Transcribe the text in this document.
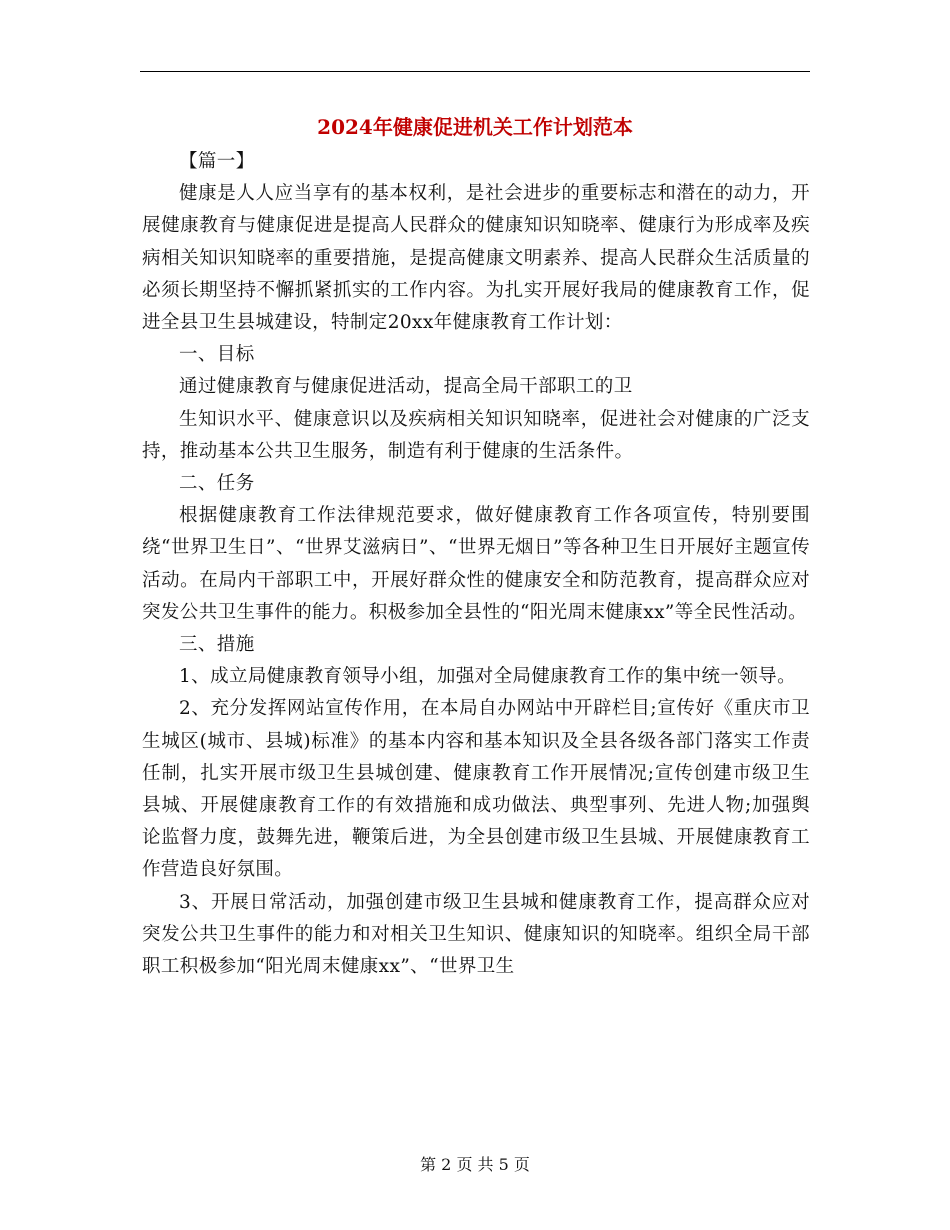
2024年健康促进机关工作计划范本

【篇一】

健康是人人应当享有的基本权利，是社会进步的重要标志和潜在的动力，开展健康教育与健康促进是提高人民群众的健康知识知晓率、健康行为形成率及疾病相关知识知晓率的重要措施，是提高健康文明素养、提高人民群众生活质量的必须长期坚持不懈抓紧抓实的工作内容。为扎实开展好我局的健康教育工作，促进全县卫生县城建设，特制定20xx年健康教育工作计划：

一、目标

通过健康教育与健康促进活动，提高全局干部职工的卫

生知识水平、健康意识以及疾病相关知识知晓率，促进社会对健康的广泛支持，推动基本公共卫生服务，制造有利于健康的生活条件。

二、任务

根据健康教育工作法律规范要求，做好健康教育工作各项宣传，特别要围绕“世界卫生日”、“世界艾滋病日”、“世界无烟日”等各种卫生日开展好主题宣传活动。在局内干部职工中，开展好群众性的健康安全和防范教育，提高群众应对突发公共卫生事件的能力。积极参加全县性的“阳光周末健康xx”等全民性活动。

三、措施

1、成立局健康教育领导小组，加强对全局健康教育工作的集中统一领导。

2、充分发挥网站宣传作用，在本局自办网站中开辟栏目;宣传好《重庆市卫生城区(城市、县城)标准》的基本内容和基本知识及全县各级各部门落实工作责任制，扎实开展市级卫生县城创建、健康教育工作开展情况;宣传创建市级卫生县城、开展健康教育工作的有效措施和成功做法、典型事列、先进人物;加强舆论监督力度，鼓舞先进，鞭策后进，为全县创建市级卫生县城、开展健康教育工作营造良好氛围。

3、开展日常活动，加强创建市级卫生县城和健康教育工作，提高群众应对突发公共卫生事件的能力和对相关卫生知识、健康知识的知晓率。组织全局干部职工积极参加“阳光周末健康xx”、“世界卫生

第 2 页 共 5 页
